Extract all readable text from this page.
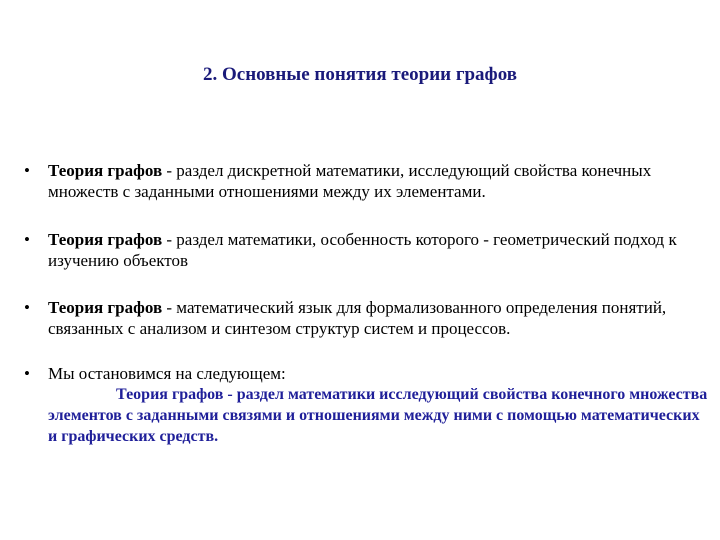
2. Основные понятия теории графов
• Теория графов - раздел дискретной математики, исследующий свойства конечных множеств с заданными отношениями между их элементами.
• Теория графов - раздел математики, особенность которого - геометрический подход к изучению объектов
• Теория графов - математический язык для формализованного определения понятий, связанных с анализом и синтезом структур систем и процессов.
• Мы остановимся на следующем:
Теория графов - раздел математики исследующий свойства конечного множества элементов с заданными связями и отношениями между ними с помощью математических и графических средств.
